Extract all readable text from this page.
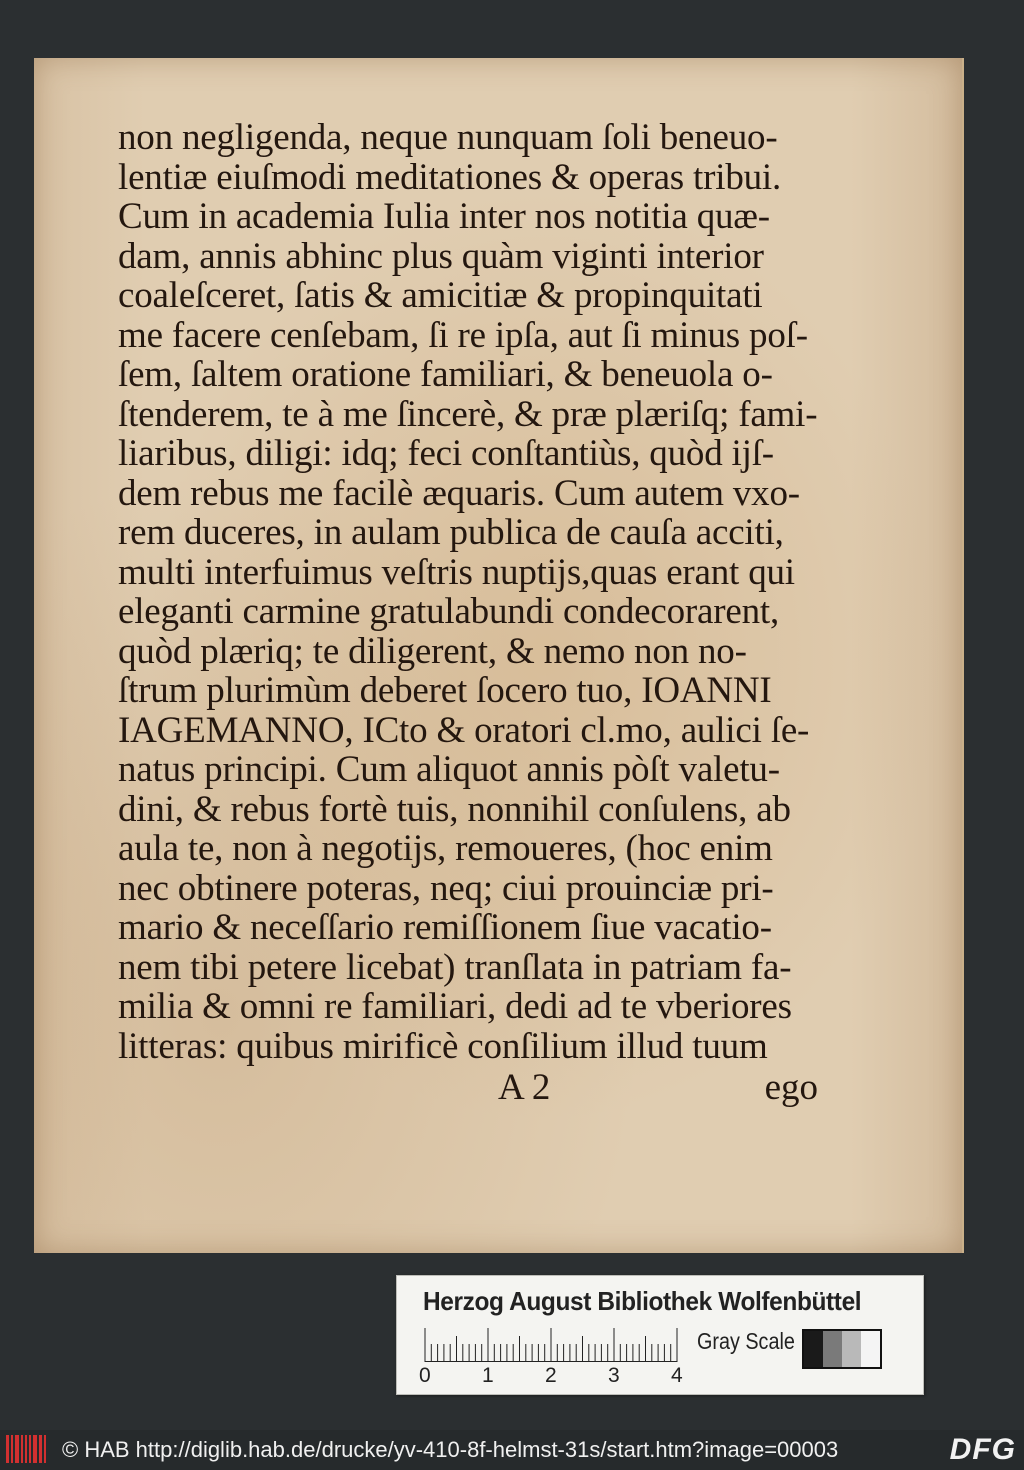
non negligenda, neque nunquam ſoli beneuo-
lentiæ eiuſmodi meditationes & operas tribui.
Cum in academia Iulia inter nos notitia quæ-
dam, annis abhinc plus quàm viginti interior
coaleſceret, ſatis & amicitiæ & propinquitati
me facere cenſebam, ſi re ipſa, aut ſi minus poſ-
ſem, ſaltem oratione familiari, & beneuola o-
ſtenderem, te à me ſincerè, & præ plæriſq; fami-
liaribus, diligi: idq; feci conſtantiùs, quòd ijſ-
dem rebus me facilè æquaris. Cum autem vxo-
rem duceres, in aulam publica de cauſa acciti,
multi interfuimus veſtris nuptijs,quas erant qui
eleganti carmine gratulabundi condecorarent,
quòd plæriq; te diligerent, & nemo non no-
ſtrum plurimùm deberet ſocero tuo, IOANNI
IAGEMANNO, ICto & oratori cl.mo, aulici ſe-
natus principi. Cum aliquot annis pòſt valetu-
dini, & rebus fortè tuis, nonnihil conſulens, ab
aula te, non à negotijs, remoueres, (hoc enim
nec obtinere poteras, neq; ciui prouinciæ pri-
mario & neceſſario remiſſionem ſiue vacatio-
nem tibi petere licebat) tranſlata in patriam fa-
milia & omni re familiari, dedi ad te vberiores
litteras: quibus mirificè conſilium illud tuum
A 2	ego
Herzog August Bibliothek Wolfenbüttel
0 1 2 3 4
Gray Scale
© HAB http://diglib.hab.de/drucke/yv-410-8f-helmst-31s/start.htm?image=00003	DFG
